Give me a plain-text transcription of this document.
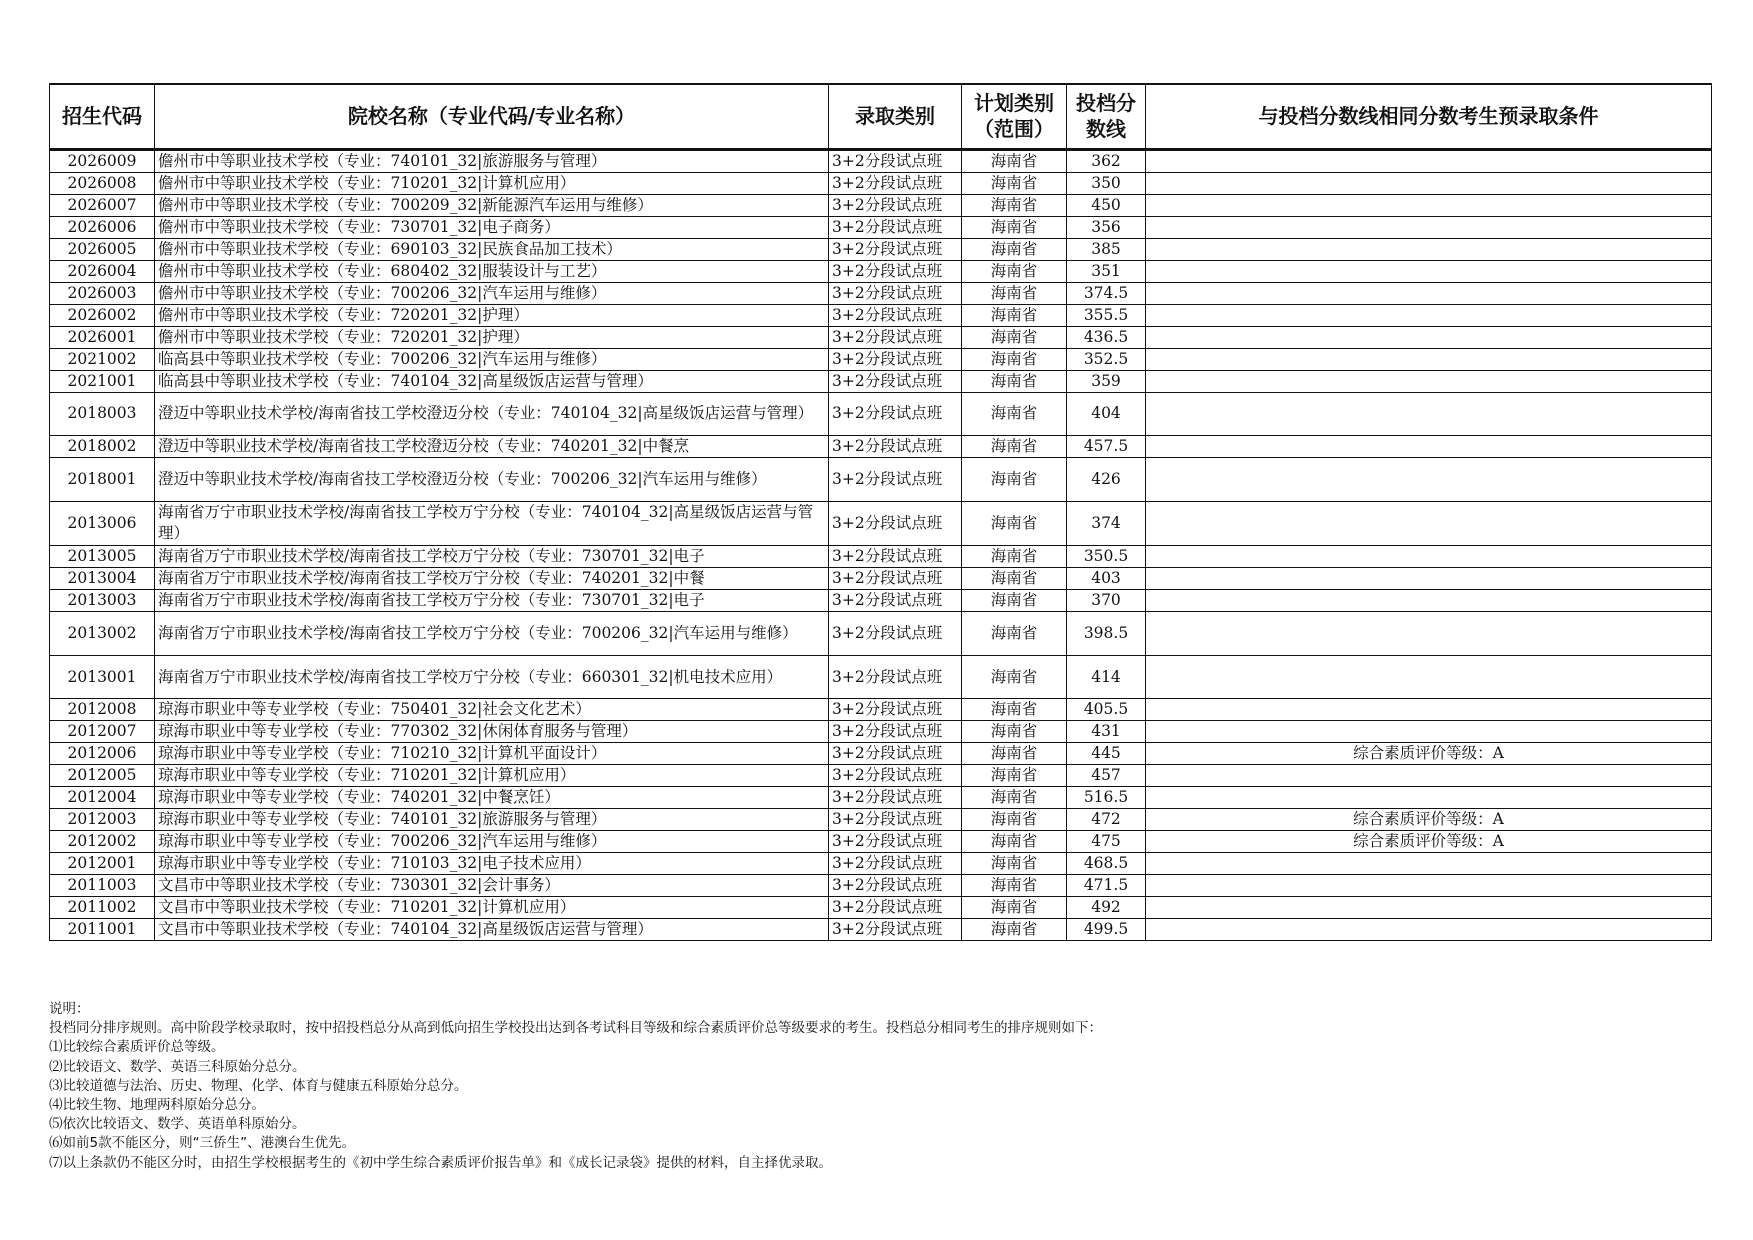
招生代码	院校名称（专业代码/专业名称）	录取类别	计划类别（范围）	投档分数线	与投档分数线相同分数考生预录取条件

2026009	儋州市中等职业技术学校（专业：740101_32|旅游服务与管理）	3+2分段试点班	海南省	362	

2026008	儋州市中等职业技术学校（专业：710201_32|计算机应用）	3+2分段试点班	海南省	350	

2026007	儋州市中等职业技术学校（专业：700209_32|新能源汽车运用与维修）	3+2分段试点班	海南省	450	

2026006	儋州市中等职业技术学校（专业：730701_32|电子商务）	3+2分段试点班	海南省	356	

2026005	儋州市中等职业技术学校（专业：690103_32|民族食品加工技术）	3+2分段试点班	海南省	385	

2026004	儋州市中等职业技术学校（专业：680402_32|服装设计与工艺）	3+2分段试点班	海南省	351	

2026003	儋州市中等职业技术学校（专业：700206_32|汽车运用与维修）	3+2分段试点班	海南省	374.5	

2026002	儋州市中等职业技术学校（专业：720201_32|护理）	3+2分段试点班	海南省	355.5	

2026001	儋州市中等职业技术学校（专业：720201_32|护理）	3+2分段试点班	海南省	436.5	

2021002	临高县中等职业技术学校（专业：700206_32|汽车运用与维修）	3+2分段试点班	海南省	352.5	

2021001	临高县中等职业技术学校（专业：740104_32|高星级饭店运营与管理）	3+2分段试点班	海南省	359	

2018003	澄迈中等职业技术学校/海南省技工学校澄迈分校（专业：740104_32|高星级饭店运营与管理）	3+2分段试点班	海南省	404	

2018002	澄迈中等职业技术学校/海南省技工学校澄迈分校（专业：740201_32|中餐烹	3+2分段试点班	海南省	457.5	

2018001	澄迈中等职业技术学校/海南省技工学校澄迈分校（专业：700206_32|汽车运用与维修）	3+2分段试点班	海南省	426	

2013006	海南省万宁市职业技术学校/海南省技工学校万宁分校（专业：740104_32|高星级饭店运营与管理）	3+2分段试点班	海南省	374	

2013005	海南省万宁市职业技术学校/海南省技工学校万宁分校（专业：730701_32|电子	3+2分段试点班	海南省	350.5	

2013004	海南省万宁市职业技术学校/海南省技工学校万宁分校（专业：740201_32|中餐	3+2分段试点班	海南省	403	

2013003	海南省万宁市职业技术学校/海南省技工学校万宁分校（专业：730701_32|电子	3+2分段试点班	海南省	370	

2013002	海南省万宁市职业技术学校/海南省技工学校万宁分校（专业：700206_32|汽车运用与维修）	3+2分段试点班	海南省	398.5	

2013001	海南省万宁市职业技术学校/海南省技工学校万宁分校（专业：660301_32|机电技术应用）	3+2分段试点班	海南省	414	

2012008	琼海市职业中等专业学校（专业：750401_32|社会文化艺术）	3+2分段试点班	海南省	405.5	

2012007	琼海市职业中等专业学校（专业：770302_32|休闲体育服务与管理）	3+2分段试点班	海南省	431	

2012006	琼海市职业中等专业学校（专业：710210_32|计算机平面设计）	3+2分段试点班	海南省	445	综合素质评价等级：A

2012005	琼海市职业中等专业学校（专业：710201_32|计算机应用）	3+2分段试点班	海南省	457	

2012004	琼海市职业中等专业学校（专业：740201_32|中餐烹饪）	3+2分段试点班	海南省	516.5	

2012003	琼海市职业中等专业学校（专业：740101_32|旅游服务与管理）	3+2分段试点班	海南省	472	综合素质评价等级：A

2012002	琼海市职业中等专业学校（专业：700206_32|汽车运用与维修）	3+2分段试点班	海南省	475	综合素质评价等级：A

2012001	琼海市职业中等专业学校（专业：710103_32|电子技术应用）	3+2分段试点班	海南省	468.5	

2011003	文昌市中等职业技术学校（专业：730301_32|会计事务）	3+2分段试点班	海南省	471.5	

2011002	文昌市中等职业技术学校（专业：710201_32|计算机应用）	3+2分段试点班	海南省	492	

2011001	文昌市中等职业技术学校（专业：740104_32|高星级饭店运营与管理）	3+2分段试点班	海南省	499.5	

说明：
投档同分排序规则。高中阶段学校录取时，按中招投档总分从高到低向招生学校投出达到各考试科目等级和综合素质评价总等级要求的考生。投档总分相同考生的排序规则如下：
⑴比较综合素质评价总等级。
⑵比较语文、数学、英语三科原始分总分。
⑶比较道德与法治、历史、物理、化学、体育与健康五科原始分总分。
⑷比较生物、地理两科原始分总分。
⑸依次比较语文、数学、英语单科原始分。
⑹如前5款不能区分，则“三侨生”、港澳台生优先。
⑺以上条款仍不能区分时，由招生学校根据考生的《初中学生综合素质评价报告单》和《成长记录袋》提供的材料，自主择优录取。
